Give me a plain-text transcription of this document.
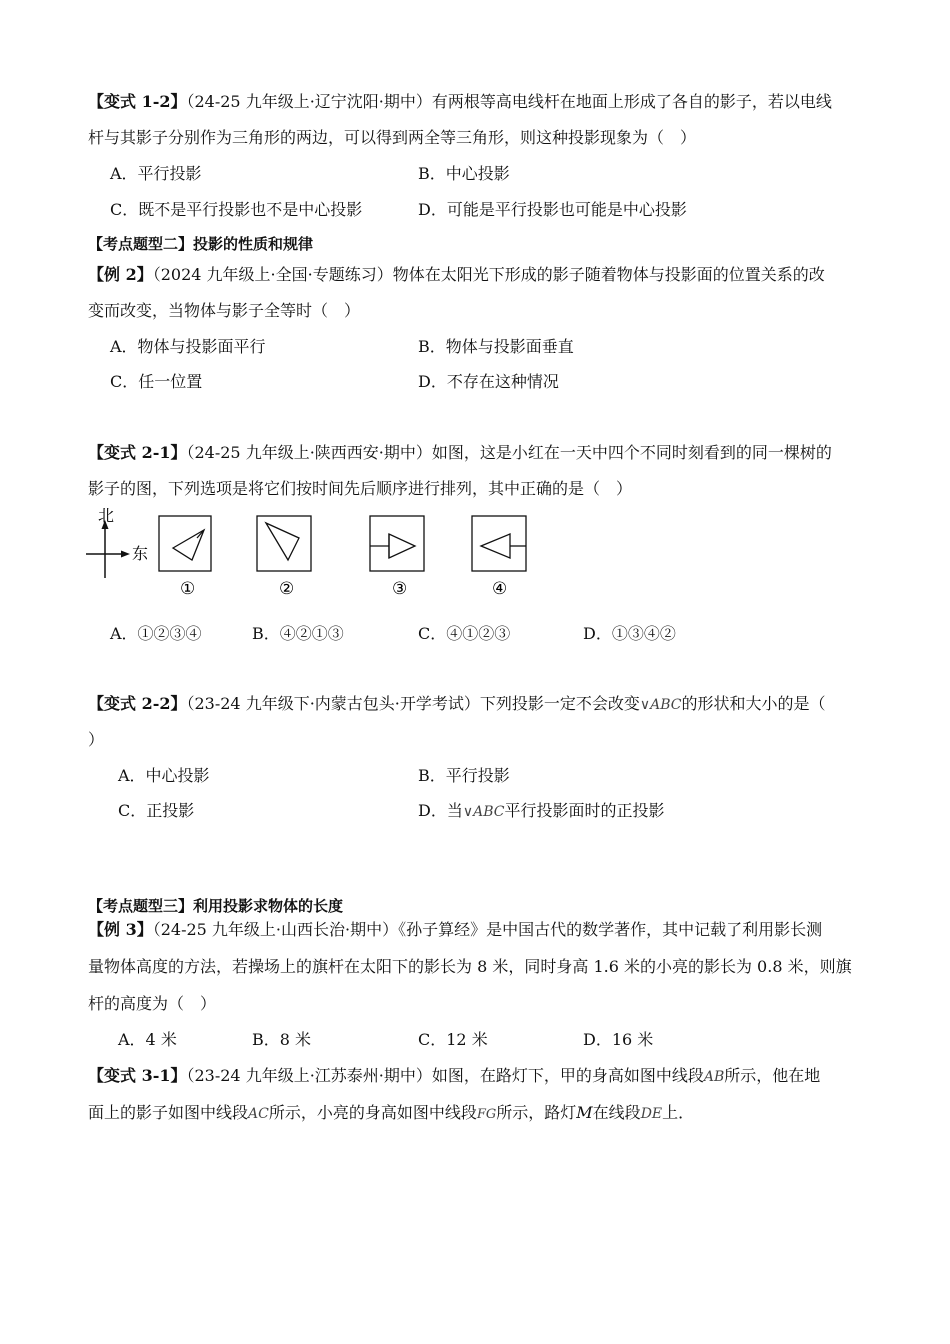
【变式 1-2】（24-25 九年级上·辽宁沈阳·期中）有两根等高电线杆在地面上形成了各自的影子，若以电线
杆与其影子分别作为三角形的两边，可以得到两全等三角形，则这种投影现象为（　）
A．平行投影	B．中心投影
C．既不是平行投影也不是中心投影	D．可能是平行投影也可能是中心投影
【考点题型二】投影的性质和规律
【例 2】（2024 九年级上·全国·专题练习）物体在太阳光下形成的影子随着物体与投影面的位置关系的改
变而改变，当物体与影子全等时（　）
A．物体与投影面平行	B．物体与投影面垂直
C．任一位置	D．不存在这种情况
【变式 2-1】（24-25 九年级上·陕西西安·期中）如图，这是小红在一天中四个不同时刻看到的同一棵树的
影子的图，下列选项是将它们按时间先后顺序进行排列，其中正确的是（　）
北
东
①	②	③	④
A．①②③④	B．④②①③	C．④①②③	D．①③④②
【变式 2-2】（23-24 九年级下·内蒙古包头·开学考试）下列投影一定不会改变∨ABC的形状和大小的是（
）
A．中心投影	B．平行投影
C．正投影	D．当∨ABC平行投影面时的正投影
【考点题型三】利用投影求物体的长度
【例 3】（24-25 九年级上·山西长治·期中）《孙子算经》是中国古代的数学著作，其中记载了利用影长测
量物体高度的方法，若操场上的旗杆在太阳下的影长为 8 米，同时身高 1.6 米的小亮的影长为 0.8 米，则旗
杆的高度为（　）
A．4 米	B．8 米	C．12 米	D．16 米
【变式 3-1】（23-24 九年级上·江苏泰州·期中）如图，在路灯下，甲的身高如图中线段AB所示，他在地
面上的影子如图中线段AC所示，小亮的身高如图中线段FG所示，路灯M在线段DE上．
